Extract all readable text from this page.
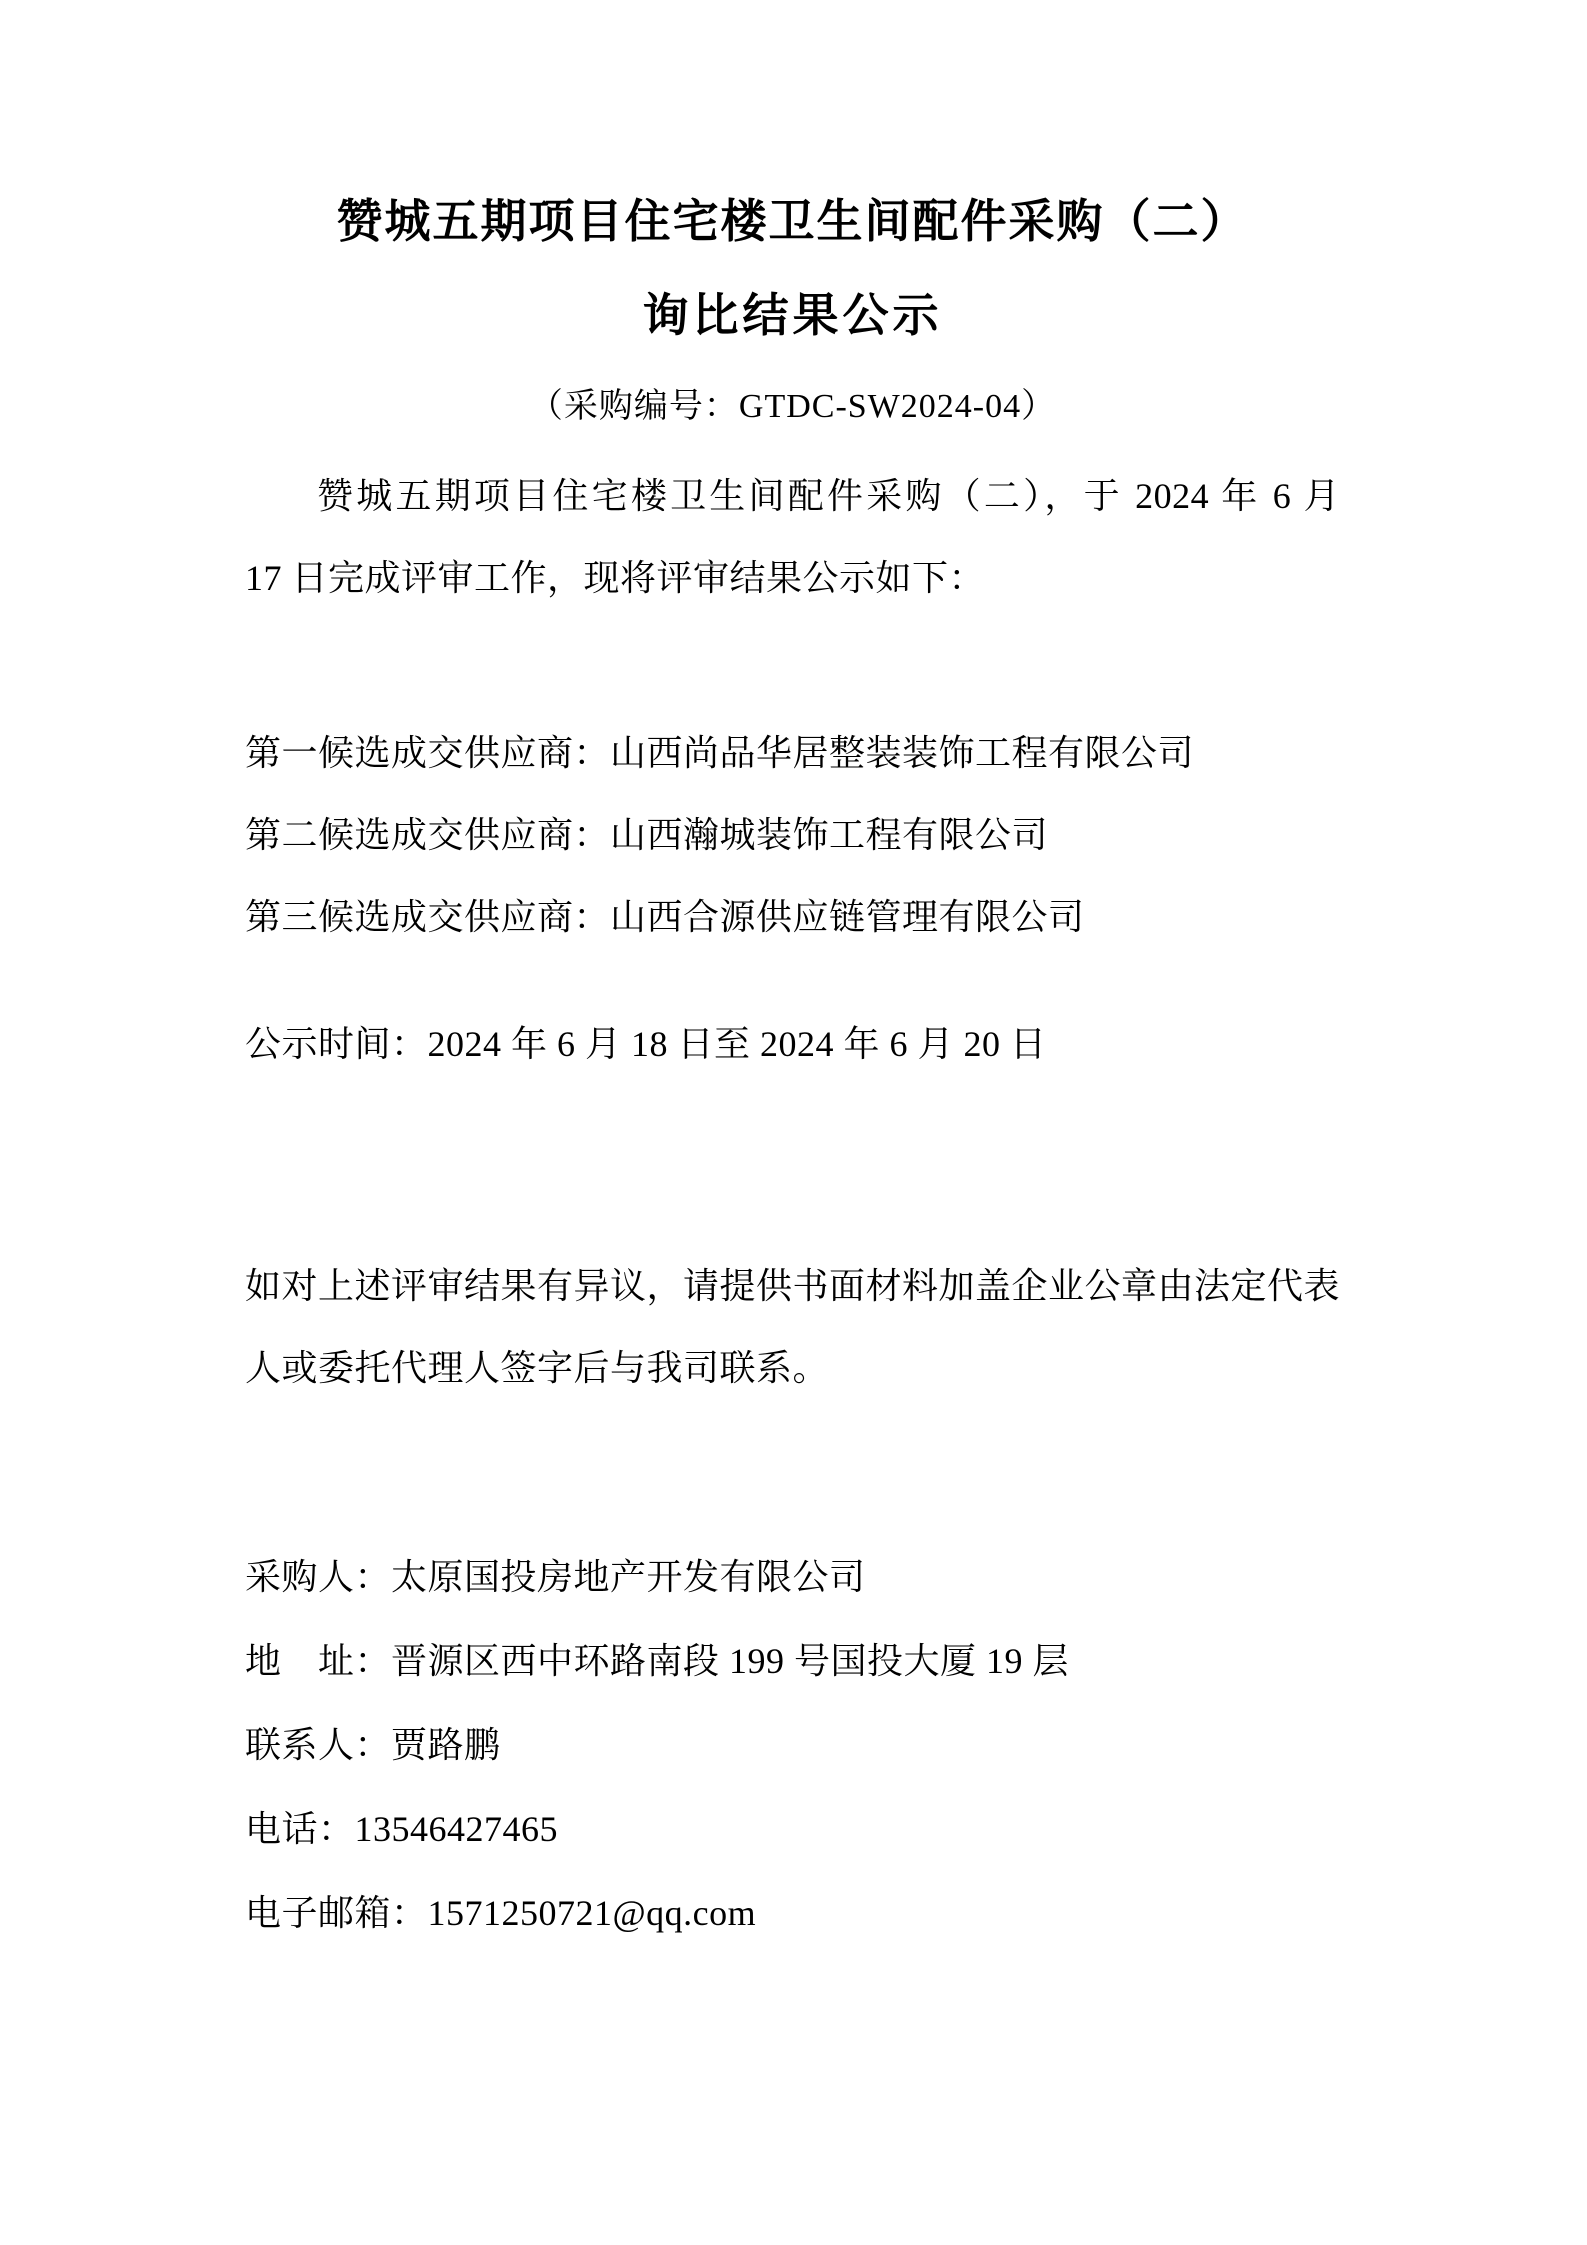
赞城五期项目住宅楼卫生间配件采购（二）
询比结果公示
（采购编号：GTDC-SW2024-04）
赞城五期项目住宅楼卫生间配件采购（二），于 2024 年 6 月
17 日完成评审工作，现将评审结果公示如下：
第一候选成交供应商：山西尚品华居整装装饰工程有限公司
第二候选成交供应商：山西瀚城装饰工程有限公司
第三候选成交供应商：山西合源供应链管理有限公司
公示时间：2024 年 6 月 18 日至 2024 年 6 月 20 日
如对上述评审结果有异议，请提供书面材料加盖企业公章由法定代表
人或委托代理人签字后与我司联系。
采购人：太原国投房地产开发有限公司
地　址：晋源区西中环路南段 199 号国投大厦 19 层
联系人：贾路鹏
电话：13546427465
电子邮箱：1571250721@qq.com
